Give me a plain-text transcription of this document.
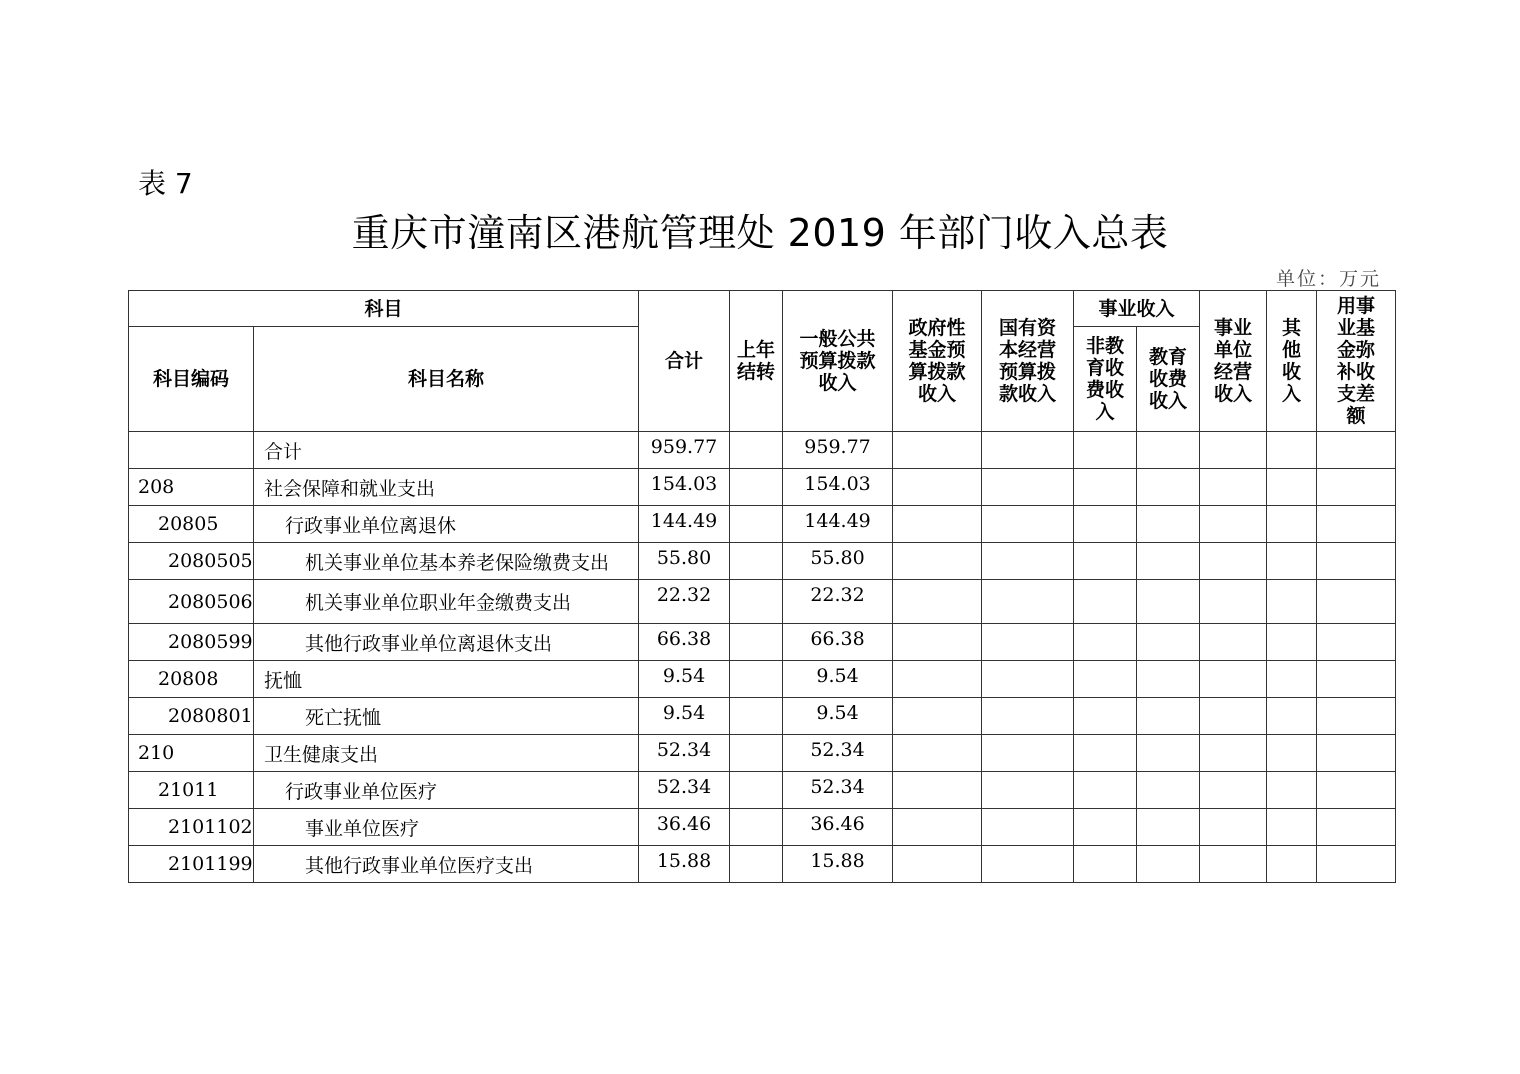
表 7
重庆市潼南区港航管理处 2019 年部门收入总表
单位：万元
科目		合计	上年结转	一般公共预算拨款收入	政府性基金预算拨款收入	国有资本经营预算拨款收入	事业收入		事业单位经营收入	其他收入	用事业基金弥补收支差额
科目编码	科目名称						非教育收费收入	教育收费收入			
	合计	959.77		959.77							
208	社会保障和就业支出	154.03		154.03							
20805	行政事业单位离退休	144.49		144.49							
2080505	机关事业单位基本养老保险缴费支出	55.80		55.80							
2080506	机关事业单位职业年金缴费支出	22.32		22.32							
2080599	其他行政事业单位离退休支出	66.38		66.38							
20808	抚恤	9.54		9.54							
2080801	死亡抚恤	9.54		9.54							
210	卫生健康支出	52.34		52.34							
21011	行政事业单位医疗	52.34		52.34							
2101102	事业单位医疗	36.46		36.46							
2101199	其他行政事业单位医疗支出	15.88		15.88							
